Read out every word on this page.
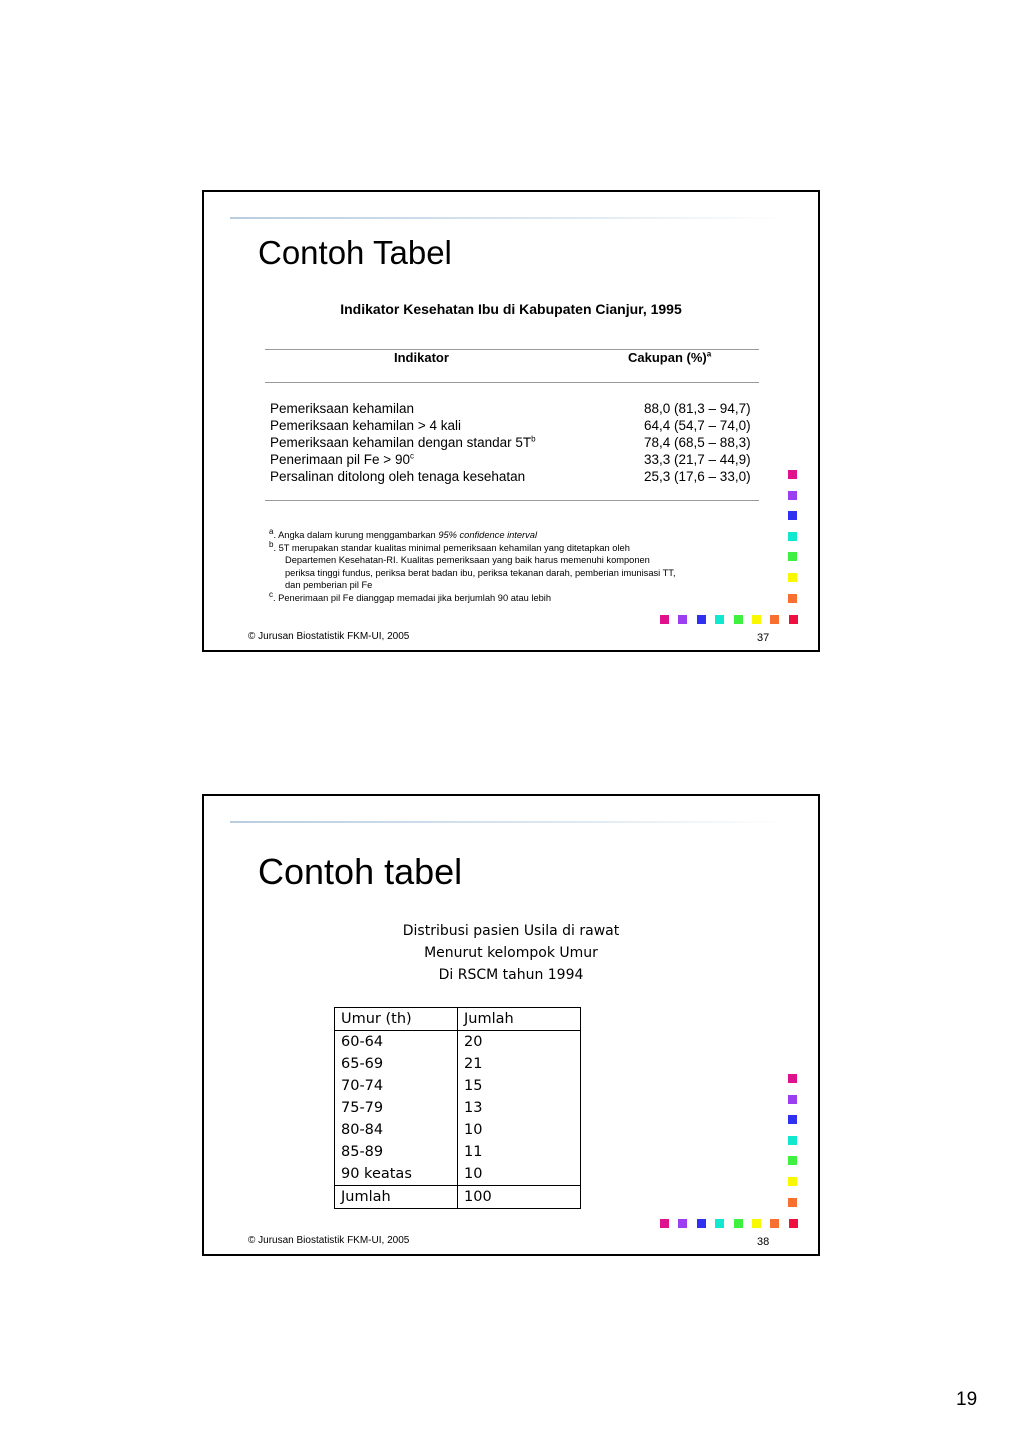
Contoh Tabel
Indikator Kesehatan Ibu di Kabupaten Cianjur, 1995
Indikator	Cakupan (%)$^a$
Pemeriksaan kehamilan	88,0 (81,3 – 94,7)
Pemeriksaan kehamilan > 4 kali	64,4 (54,7 – 74,0)
Pemeriksaan kehamilan dengan standar $5T^b$	78,4 (68,5 – 88,3)
Penerimaan pil $Fe > 90^c$	33,3 (21,7 – 44,9)
Persalinan ditolong oleh tenaga kesehatan	25,3 (17,6 – 33,0)
$^a$. Angka dalam kurung menggambarkan 95% confidence interval
$^b$. 5T merupakan standar kualitas minimal pemeriksaan kehamilan yang ditetapkan oleh
Departemen Kesehatan-RI. Kualitas pemeriksaan yang baik harus memenuhi komponen
periksa tinggi fundus, periksa berat badan ibu, periksa tekanan darah, pemberian imunisasi TT,
dan pemberian pil Fe
$^c$. Penerimaan pil Fe dianggap memadai jika berjumlah 90 atau lebih
© Jurusan Biostatistik FKM-UI, 2005	37
Contoh tabel
Distribusi pasien Usila di rawat
Menurut kelompok Umur
Di RSCM tahun 1994
Umur (th)	Jumlah
60-64	20
65-69	21
70-74	15
75-79	13
80-84	10
85-89	11
90 keatas	10
Jumlah	100
© Jurusan Biostatistik FKM-UI, 2005	38
19
